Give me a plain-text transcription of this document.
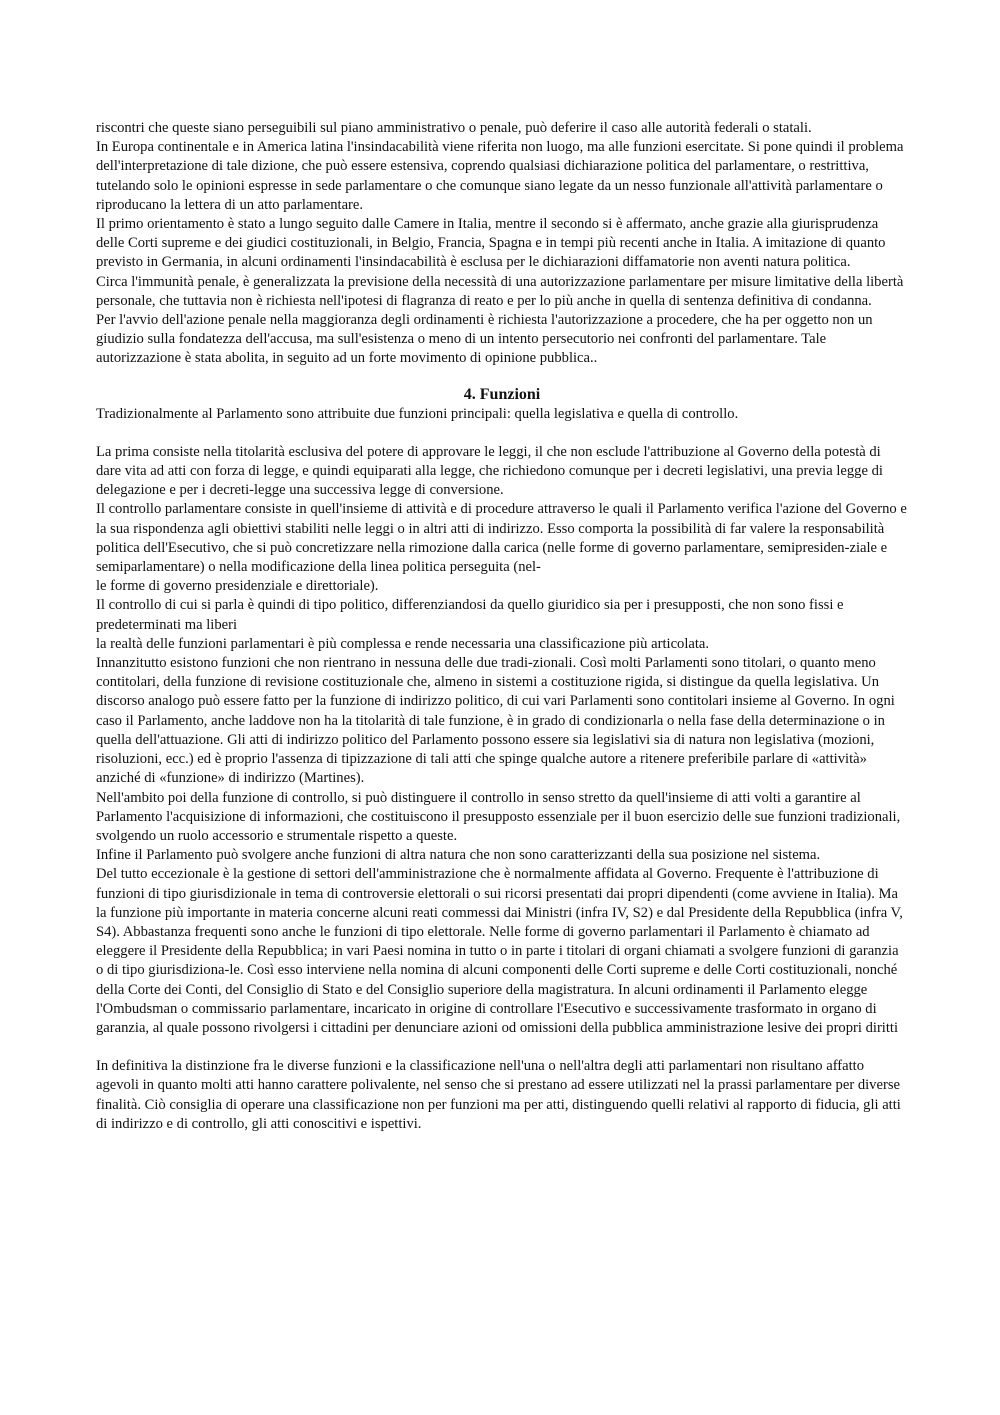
riscontri che queste siano perseguibili sul piano amministrativo o penale, può deferire il caso alle autorità federali o statali.

In Europa continentale e in America latina l'insindacabilità viene riferita non luogo, ma alle funzioni esercitate. Si pone quindi il problema dell'interpretazione di tale dizione, che può essere estensiva, coprendo qualsiasi dichiarazione politica del parlamentare, o restrittiva, tutelando solo le opinioni espresse in sede parlamentare o che comunque siano legate da un nesso funzionale all'attività parlamentare o riproducano la lettera di un atto parlamentare.

Il primo orientamento è stato a lungo seguito dalle Camere in Italia, mentre il secondo si è affermato, anche grazie alla giurisprudenza delle Corti supreme e dei giudici costituzionali, in Belgio, Francia, Spagna e in tempi più recenti anche in Italia. A imitazione di quanto previsto in Germania, in alcuni ordinamenti l'insindacabilità è esclusa per le dichiarazioni diffamatorie non aventi natura politica.

Circa l'immunità penale, è generalizzata la previsione della necessità di una autorizzazione parlamentare per misure limitative della libertà personale, che tuttavia non è richiesta nell'ipotesi di flagranza di reato e per lo più anche in quella di sentenza definitiva di condanna.

Per l'avvio dell'azione penale nella maggioranza degli ordinamenti è richiesta l'autorizzazione a procedere, che ha per oggetto non un giudizio sulla fondatezza dell'accusa, ma sull'esistenza o meno di un intento persecutorio nei confronti del parlamentare. Tale autorizzazione è stata abolita, in seguito ad un forte movimento di opinione pubblica..

4. Funzioni

Tradizionalmente al Parlamento sono attribuite due funzioni principali: quella legislativa e quella di controllo.

La prima consiste nella titolarità esclusiva del potere di approvare le leggi, il che non esclude l'attribuzione al Governo della potestà di dare vita ad atti con forza di legge, e quindi equiparati alla legge, che richiedono comunque per i decreti legislativi, una previa legge di delegazione e per i decreti-legge una successiva legge di conversione.

Il controllo parlamentare consiste in quell'insieme di attività e di procedure attraverso le quali il Parlamento verifica l'azione del Governo e la sua rispondenza agli obiettivi stabiliti nelle leggi o in altri atti di indirizzo. Esso comporta la possibilità di far valere la responsabilità politica dell'Esecutivo, che si può concretizzare nella rimozione dalla carica (nelle forme di governo parlamentare, semipresiden-ziale e semiparlamentare) o nella modificazione della linea politica perseguita (nel-

le forme di governo presidenziale e direttoriale).

Il controllo di cui si parla è quindi di tipo politico, differenziandosi da quello giuridico sia per i presupposti, che non sono fissi e predeterminati ma liberi

la realtà delle funzioni parlamentari è più complessa e rende necessaria una classificazione più articolata.

Innanzitutto esistono funzioni che non rientrano in nessuna delle due tradi-zionali. Così molti Parlamenti sono titolari, o quanto meno contitolari, della funzione di revisione costituzionale che, almeno in sistemi a costituzione rigida, si distingue da quella legislativa. Un discorso analogo può essere fatto per la funzione di indirizzo politico, di cui vari Parlamenti sono contitolari insieme al Governo. In ogni caso il Parlamento, anche laddove non ha la titolarità di tale funzione, è in grado di condizionarla o nella fase della determinazione o in quella dell'attuazione. Gli atti di indirizzo politico del Parlamento possono essere sia legislativi sia di natura non legislativa (mozioni, risoluzioni, ecc.) ed è proprio l'assenza di tipizzazione di tali atti che spinge qualche autore a ritenere preferibile parlare di «attività» anziché di «funzione» di indirizzo (Martines).

Nell'ambito poi della funzione di controllo, si può distinguere il controllo in senso stretto da quell'insieme di atti volti a garantire al Parlamento l'acquisizione di informazioni, che costituiscono il presupposto essenziale per il buon esercizio delle sue funzioni tradizionali, svolgendo un ruolo accessorio e strumentale rispetto a queste.

Infine il Parlamento può svolgere anche funzioni di altra natura che non sono caratterizzanti della sua posizione nel sistema.

Del tutto eccezionale è la gestione di settori dell'amministrazione che è normalmente affidata al Governo. Frequente è l'attribuzione di funzioni di tipo giurisdizionale in tema di controversie elettorali o sui ricorsi presentati dai propri dipendenti (come avviene in Italia). Ma la funzione più importante in materia concerne alcuni reati commessi dai Ministri (infra IV, S2) e dal Presidente della Repubblica (infra V, S4). Abbastanza frequenti sono anche le funzioni di tipo elettorale. Nelle forme di governo parlamentari il Parlamento è chiamato ad eleggere il Presidente della Repubblica; in vari Paesi nomina in tutto o in parte i titolari di organi chiamati a svolgere funzioni di garanzia o di tipo giurisdiziona-le. Così esso interviene nella nomina di alcuni componenti delle Corti supreme e delle Corti costituzionali, nonché della Corte dei Conti, del Consiglio di Stato e del Consiglio superiore della magistratura. In alcuni ordinamenti il Parlamento elegge l'Ombudsman o commissario parlamentare, incaricato in origine di controllare l'Esecutivo e successivamente trasformato in organo di garanzia, al quale possono rivolgersi i cittadini per denunciare azioni od omissioni della pubblica amministrazione lesive dei propri diritti

In definitiva la distinzione fra le diverse funzioni e la classificazione nell'una o nell'altra degli atti parlamentari non risultano affatto agevoli in quanto molti atti hanno carattere polivalente, nel senso che si prestano ad essere utilizzati nel la prassi parlamentare per diverse finalità. Ciò consiglia di operare una classificazione non per funzioni ma per atti, distinguendo quelli relativi al rapporto di fiducia, gli atti di indirizzo e di controllo, gli atti conoscitivi e ispettivi.
